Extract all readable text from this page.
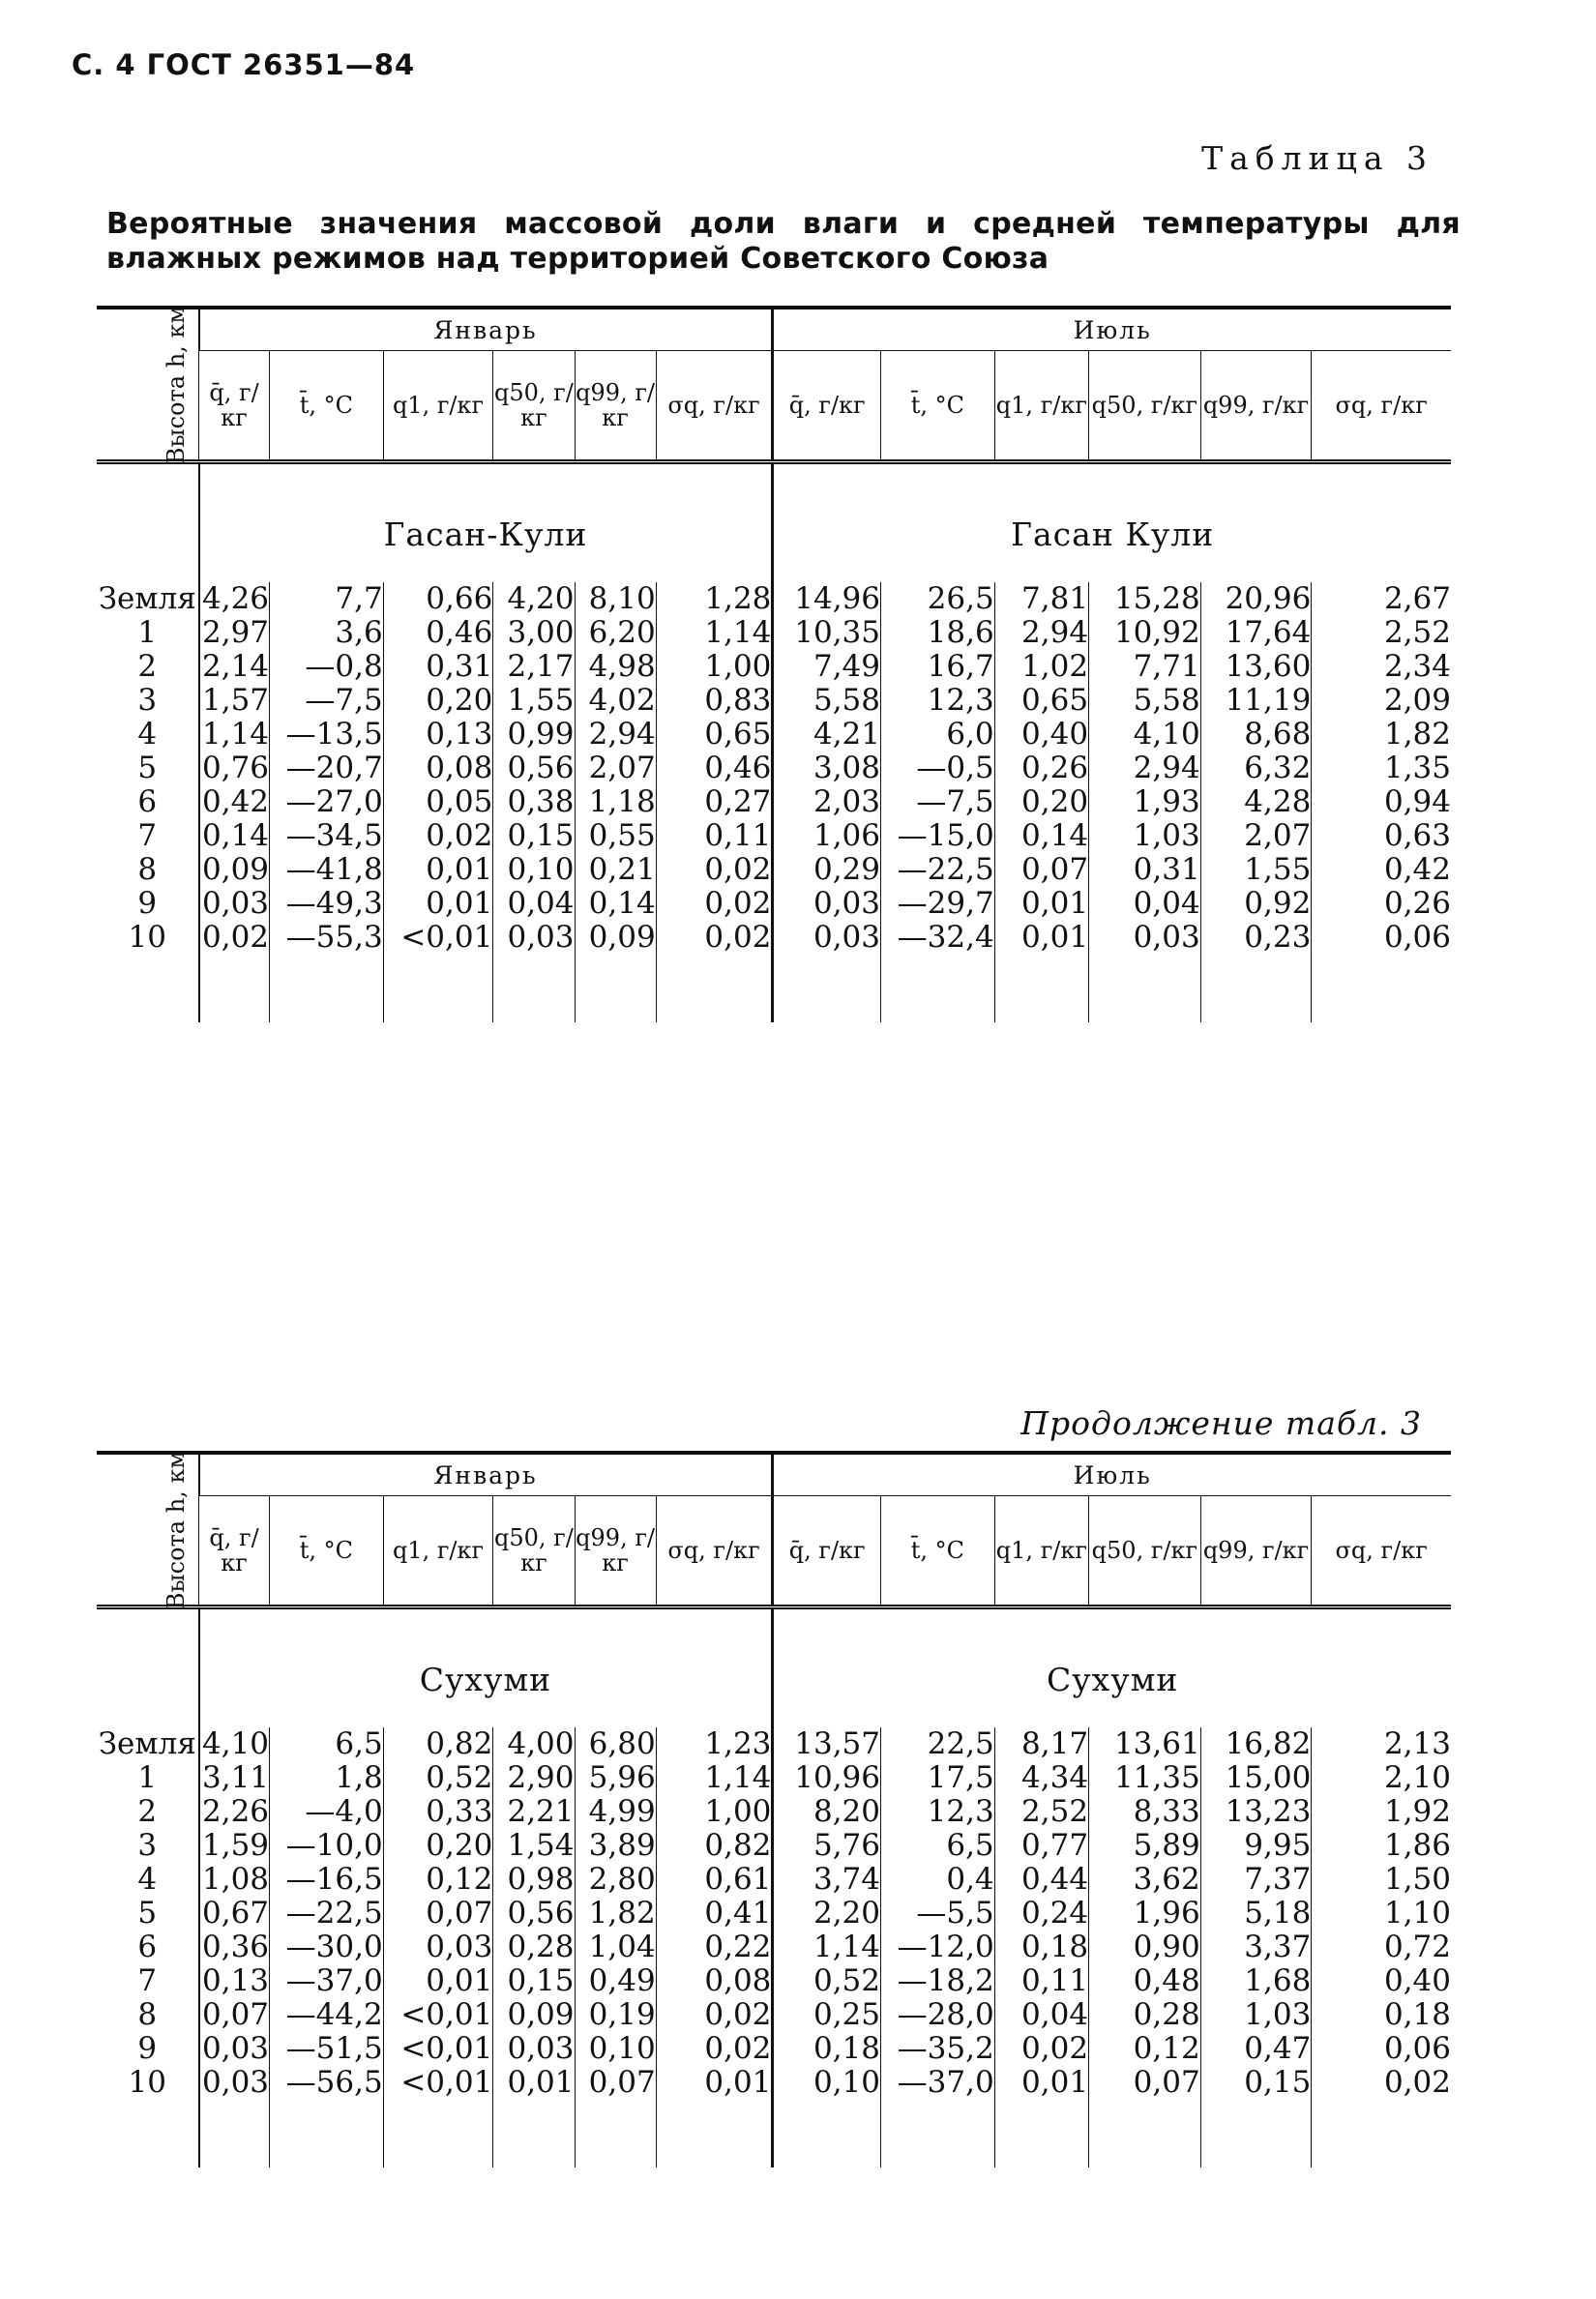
С. 4 ГОСТ 26351—84
Таблица 3
Вероятные значения массовой доли влаги и средней температуры для влажных режимов над территорией Советского Союза
Продолжение табл. 3

Высота h, км	Январь						Июль					
	q̄, г/кг	t̄, °C	q1, г/кг	q50, г/кг	q99, г/кг	σq, г/кг	q̄, г/кг	t̄, °C	q1, г/кг	q50, г/кг	q99, г/кг	σq, г/кг

	Гасан-Кули						Гасан Кули					

Земля	4,26	7,7	0,66	4,20	8,10	1,28	14,96	26,5	7,81	15,28	20,96	2,67
1	2,97	3,6	0,46	3,00	6,20	1,14	10,35	18,6	2,94	10,92	17,64	2,52
2	2,14	—0,8	0,31	2,17	4,98	1,00	7,49	16,7	1,02	7,71	13,60	2,34
3	1,57	—7,5	0,20	1,55	4,02	0,83	5,58	12,3	0,65	5,58	11,19	2,09
4	1,14	—13,5	0,13	0,99	2,94	0,65	4,21	6,0	0,40	4,10	8,68	1,82
5	0,76	—20,7	0,08	0,56	2,07	0,46	3,08	—0,5	0,26	2,94	6,32	1,35
6	0,42	—27,0	0,05	0,38	1,18	0,27	2,03	—7,5	0,20	1,93	4,28	0,94
7	0,14	—34,5	0,02	0,15	0,55	0,11	1,06	—15,0	0,14	1,03	2,07	0,63
8	0,09	—41,8	0,01	0,10	0,21	0,02	0,29	—22,5	0,07	0,31	1,55	0,42
9	0,03	—49,3	0,01	0,04	0,14	0,02	0,03	—29,7	0,01	0,04	0,92	0,26
10	0,02	—55,3	<0,01	0,03	0,09	0,02	0,03	—32,4	0,01	0,03	0,23	0,06

Высота h, км	Январь						Июль					
	q̄, г/кг	t̄, °C	q1, г/кг	q50, г/кг	q99, г/кг	σq, г/кг	q̄, г/кг	t̄, °C	q1, г/кг	q50, г/кг	q99, г/кг	σq, г/кг

	Сухуми						Сухуми					

Земля	4,10	6,5	0,82	4,00	6,80	1,23	13,57	22,5	8,17	13,61	16,82	2,13
1	3,11	1,8	0,52	2,90	5,96	1,14	10,96	17,5	4,34	11,35	15,00	2,10
2	2,26	—4,0	0,33	2,21	4,99	1,00	8,20	12,3	2,52	8,33	13,23	1,92
3	1,59	—10,0	0,20	1,54	3,89	0,82	5,76	6,5	0,77	5,89	9,95	1,86
4	1,08	—16,5	0,12	0,98	2,80	0,61	3,74	0,4	0,44	3,62	7,37	1,50
5	0,67	—22,5	0,07	0,56	1,82	0,41	2,20	—5,5	0,24	1,96	5,18	1,10
6	0,36	—30,0	0,03	0,28	1,04	0,22	1,14	—12,0	0,18	0,90	3,37	0,72
7	0,13	—37,0	0,01	0,15	0,49	0,08	0,52	—18,2	0,11	0,48	1,68	0,40
8	0,07	—44,2	<0,01	0,09	0,19	0,02	0,25	—28,0	0,04	0,28	1,03	0,18
9	0,03	—51,5	<0,01	0,03	0,10	0,02	0,18	—35,2	0,02	0,12	0,47	0,06
10	0,03	—56,5	<0,01	0,01	0,07	0,01	0,10	—37,0	0,01	0,07	0,15	0,02
